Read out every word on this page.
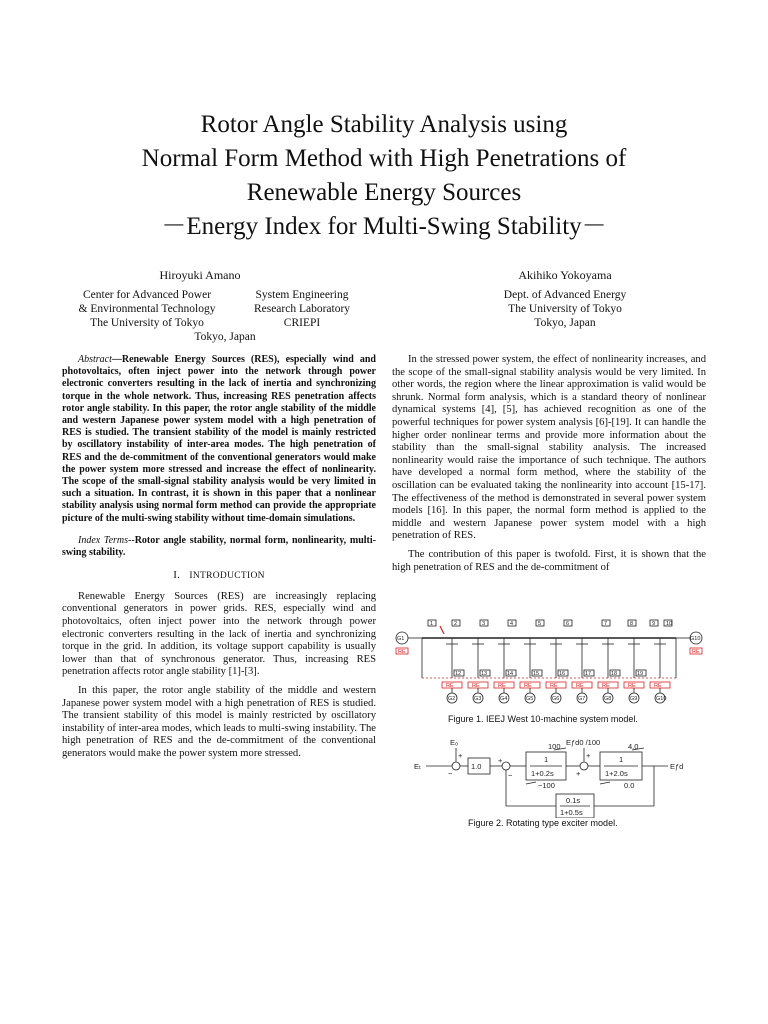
Rotor Angle Stability Analysis using
Normal Form Method with High Penetrations of
Renewable Energy Sources
－Energy Index for Multi-Swing Stability－
Hiroyuki Amano
Center for Advanced Power
& Environmental Technology
The University of Tokyo
System Engineering
Research Laboratory
CRIEPI
Tokyo, Japan
Akihiko Yokoyama
Dept. of Advanced Energy
The University of Tokyo
Tokyo, Japan
Abstract—Renewable Energy Sources (RES), especially wind and photovoltaics, often inject power into the network through power electronic converters resulting in the lack of inertia and synchronizing torque in the whole network. Thus, increasing RES penetration affects rotor angle stability. In this paper, the rotor angle stability of the middle and western Japanese power system model with a high penetration of RES is studied. The transient stability of the model is mainly restricted by oscillatory instability of inter-area modes. The high penetration of RES and the de-commitment of the conventional generators would make the power system more stressed and increase the effect of nonlinearity. The scope of the small-signal stability analysis would be very limited in such a situation. In contrast, it is shown in this paper that a nonlinear stability analysis using normal form method can provide the appropriate picture of the multi-swing stability without time-domain simulations.
Index Terms--Rotor angle stability, normal form, nonlinearity, multi-swing stability.
I. INTRODUCTION

Renewable Energy Sources (RES) are increasingly replacing conventional generators in power grids. RES, especially wind and photovoltaics, often inject power into the network through power electronic converters resulting in the lack of inertia and synchronizing torque in the grid. In addition, its voltage support capability is usually lower than that of synchronous generator. Thus, increasing RES penetration affects rotor angle stability [1]-[3].

In this paper, the rotor angle stability of the middle and western Japanese power system model with a high penetration of RES is studied. The transient stability of this model is mainly restricted by oscillatory instability of inter-area modes, which leads to multi-swing instability. The high penetration of RES and the de-commitment of the conventional generators would make the power system more stressed.

In the stressed power system, the effect of nonlinearity increases, and the scope of the small-signal stability analysis would be very limited. In other words, the region where the linear approximation is valid would be shrunk. Normal form analysis, which is a standard theory of nonlinear dynamical systems [4], [5], has achieved recognition as one of the powerful techniques for power system analysis [6]-[19]. It can handle the higher order nonlinear terms and provide more information about the stability than the small-signal stability analysis. The increased nonlinearity would raise the importance of such technique. The authors have developed a normal form method, where the stability of the oscillation can be evaluated taking the nonlinearity into account [15-17]. The effectiveness of the method is demonstrated in several power system models [16]. In this paper, the normal form method is applied to the middle and western Japanese power system model with a high penetration of RES.

The contribution of this paper is twofold. First, it is shown that the high penetration of RES and the de-commitment of

G1
RE
G10
RE
1	2	3	4	5	6	7	8	9 10
12
RE
G2
13
RE
G3
14
RE
G4
15
RE
G5
16
RE
G6
17
RE
G7
18
RE
G8
19
RE
G9
RE
G10
Figure 1. IEEJ West 10-machine system model.
E₀
Eₜ	1.0
Eƒd0 /100
Eƒd
100
−100
1
1+0.2s
1
1+2.0s
4.0
0.0
0.1s
1+0.5s
+
−
+
−
+
+
Figure 2. Rotating type exciter model.
